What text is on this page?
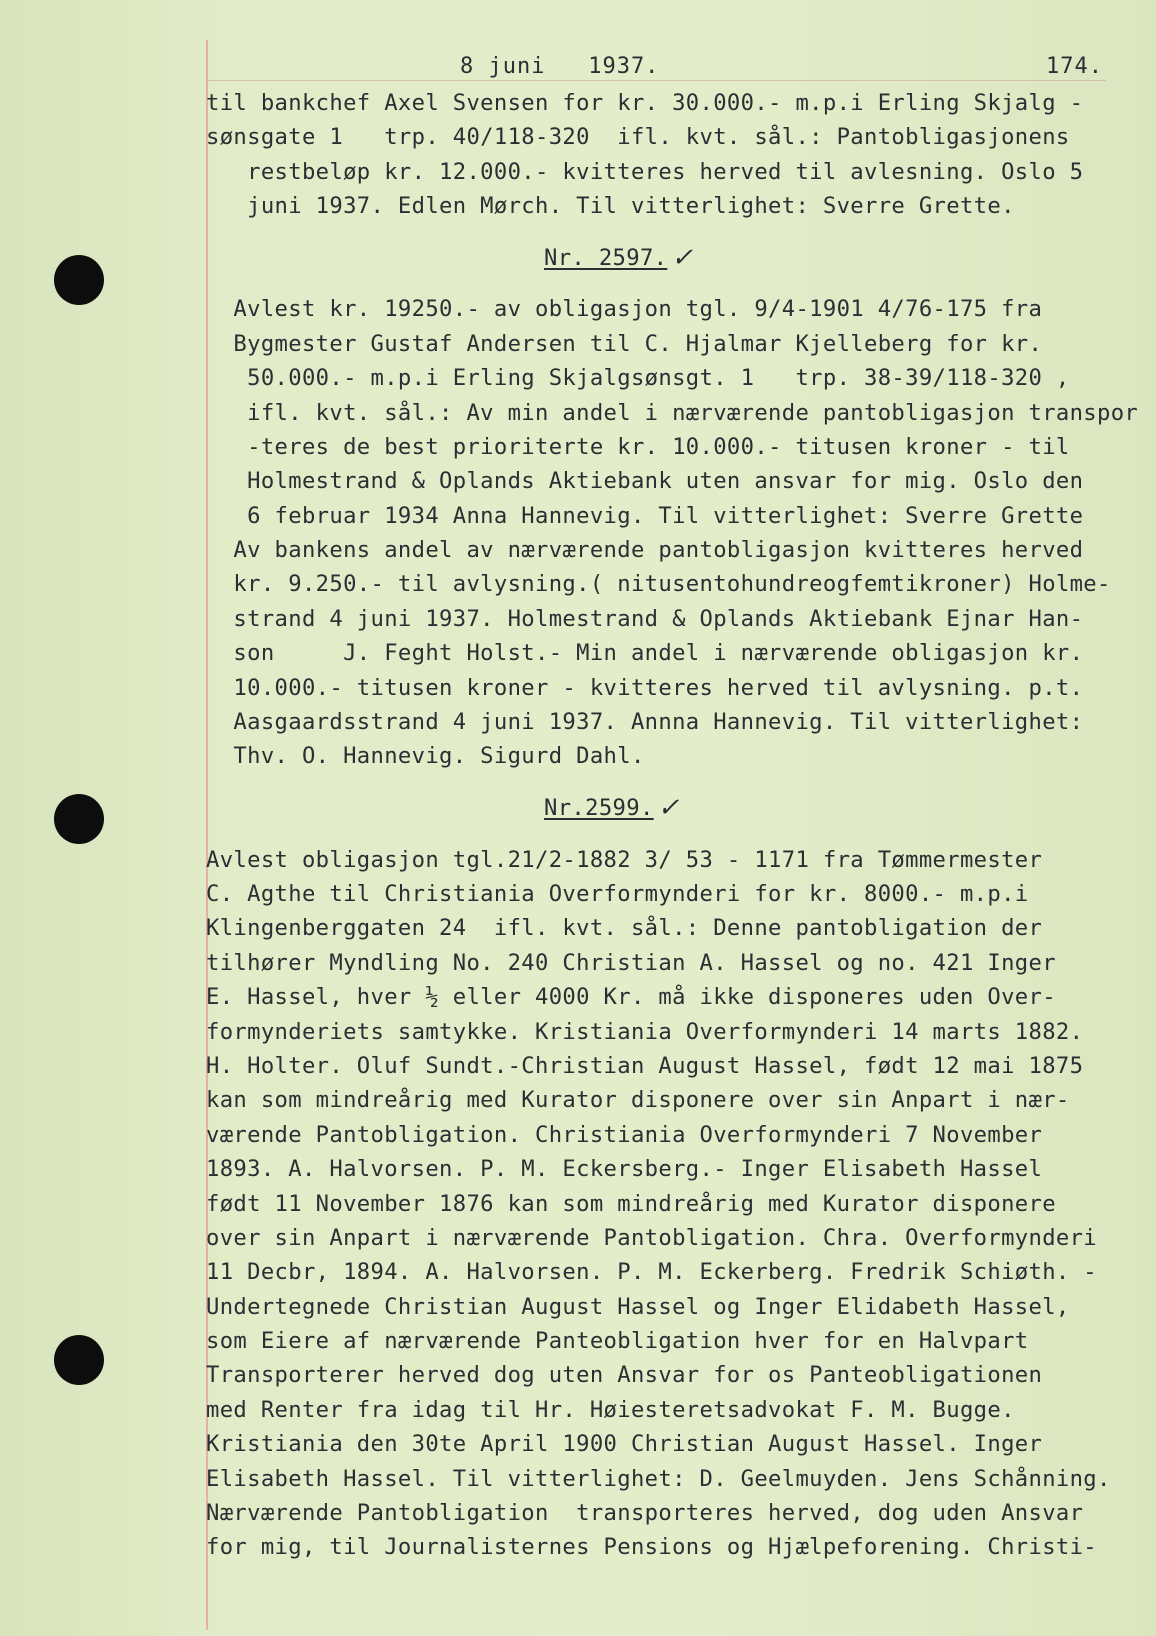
8 juni   1937.	174.
til bankchef Axel Svensen for kr. 30.000.- m.p.i Erling Skjalg -
sønsgate 1   trp. 40/118-320  ifl. kvt. sål.: Pantobligasjonens
restbeløp kr. 12.000.- kvitteres herved til avlesning. Oslo 5
juni 1937. Edlen Mørch. Til vitterlighet: Sverre Grette.
Nr. 2597. ✓
Avlest kr. 19250.- av obligasjon tgl. 9/4-1901 4/76-175 fra
Bygmester Gustaf Andersen til C. Hjalmar Kjelleberg for kr.
50.000.- m.p.i Erling Skjalgsønsgt. 1   trp. 38-39/118-320 ,
ifl. kvt. sål.: Av min andel i nærværende pantobligasjon transpor
-teres de best prioriterte kr. 10.000.- titusen kroner - til
Holmestrand & Oplands Aktiebank uten ansvar for mig. Oslo den
6 februar 1934 Anna Hannevig. Til vitterlighet: Sverre Grette
Av bankens andel av nærværende pantobligasjon kvitteres herved
kr. 9.250.- til avlysning.( nitusentohundreogfemtikroner) Holme-
strand 4 juni 1937. Holmestrand & Oplands Aktiebank Ejnar Han-
son     J. Feght Holst.- Min andel i nærværende obligasjon kr.
10.000.- titusen kroner - kvitteres herved til avlysning. p.t.
Aasgaardsstrand 4 juni 1937. Annna Hannevig. Til vitterlighet:
Thv. O. Hannevig. Sigurd Dahl.
Nr.2599. ✓
Avlest obligasjon tgl.21/2-1882 3/ 53 - 1171 fra Tømmermester
C. Agthe til Christiania Overformynderi for kr. 8000.- m.p.i
Klingenberggaten 24  ifl. kvt. sål.: Denne pantobligation der
tilhører Myndling No. 240 Christian A. Hassel og no. 421 Inger
E. Hassel, hver ½ eller 4000 Kr. må ikke disponeres uden Over-
formynderiets samtykke. Kristiania Overformynderi 14 marts 1882.
H. Holter. Oluf Sundt.-Christian August Hassel, født 12 mai 1875
kan som mindreårig med Kurator disponere over sin Anpart i nær-
værende Pantobligation. Christiania Overformynderi 7 November
1893. A. Halvorsen. P. M. Eckersberg.- Inger Elisabeth Hassel
født 11 November 1876 kan som mindreårig med Kurator disponere
over sin Anpart i nærværende Pantobligation. Chra. Overformynderi
11 Decbr, 1894. A. Halvorsen. P. M. Eckerberg. Fredrik Schiøth. -
Undertegnede Christian August Hassel og Inger Elidabeth Hassel,
som Eiere af nærværende Panteobligation hver for en Halvpart
Transporterer herved dog uten Ansvar for os Panteobligationen
med Renter fra idag til Hr. Høiesteretsadvokat F. M. Bugge.
Kristiania den 30te April 1900 Christian August Hassel. Inger
Elisabeth Hassel. Til vitterlighet: D. Geelmuyden. Jens Schånning.
Nærværende Pantobligation  transporteres herved, dog uden Ansvar
for mig, til Journalisternes Pensions og Hjælpeforening. Christi-
